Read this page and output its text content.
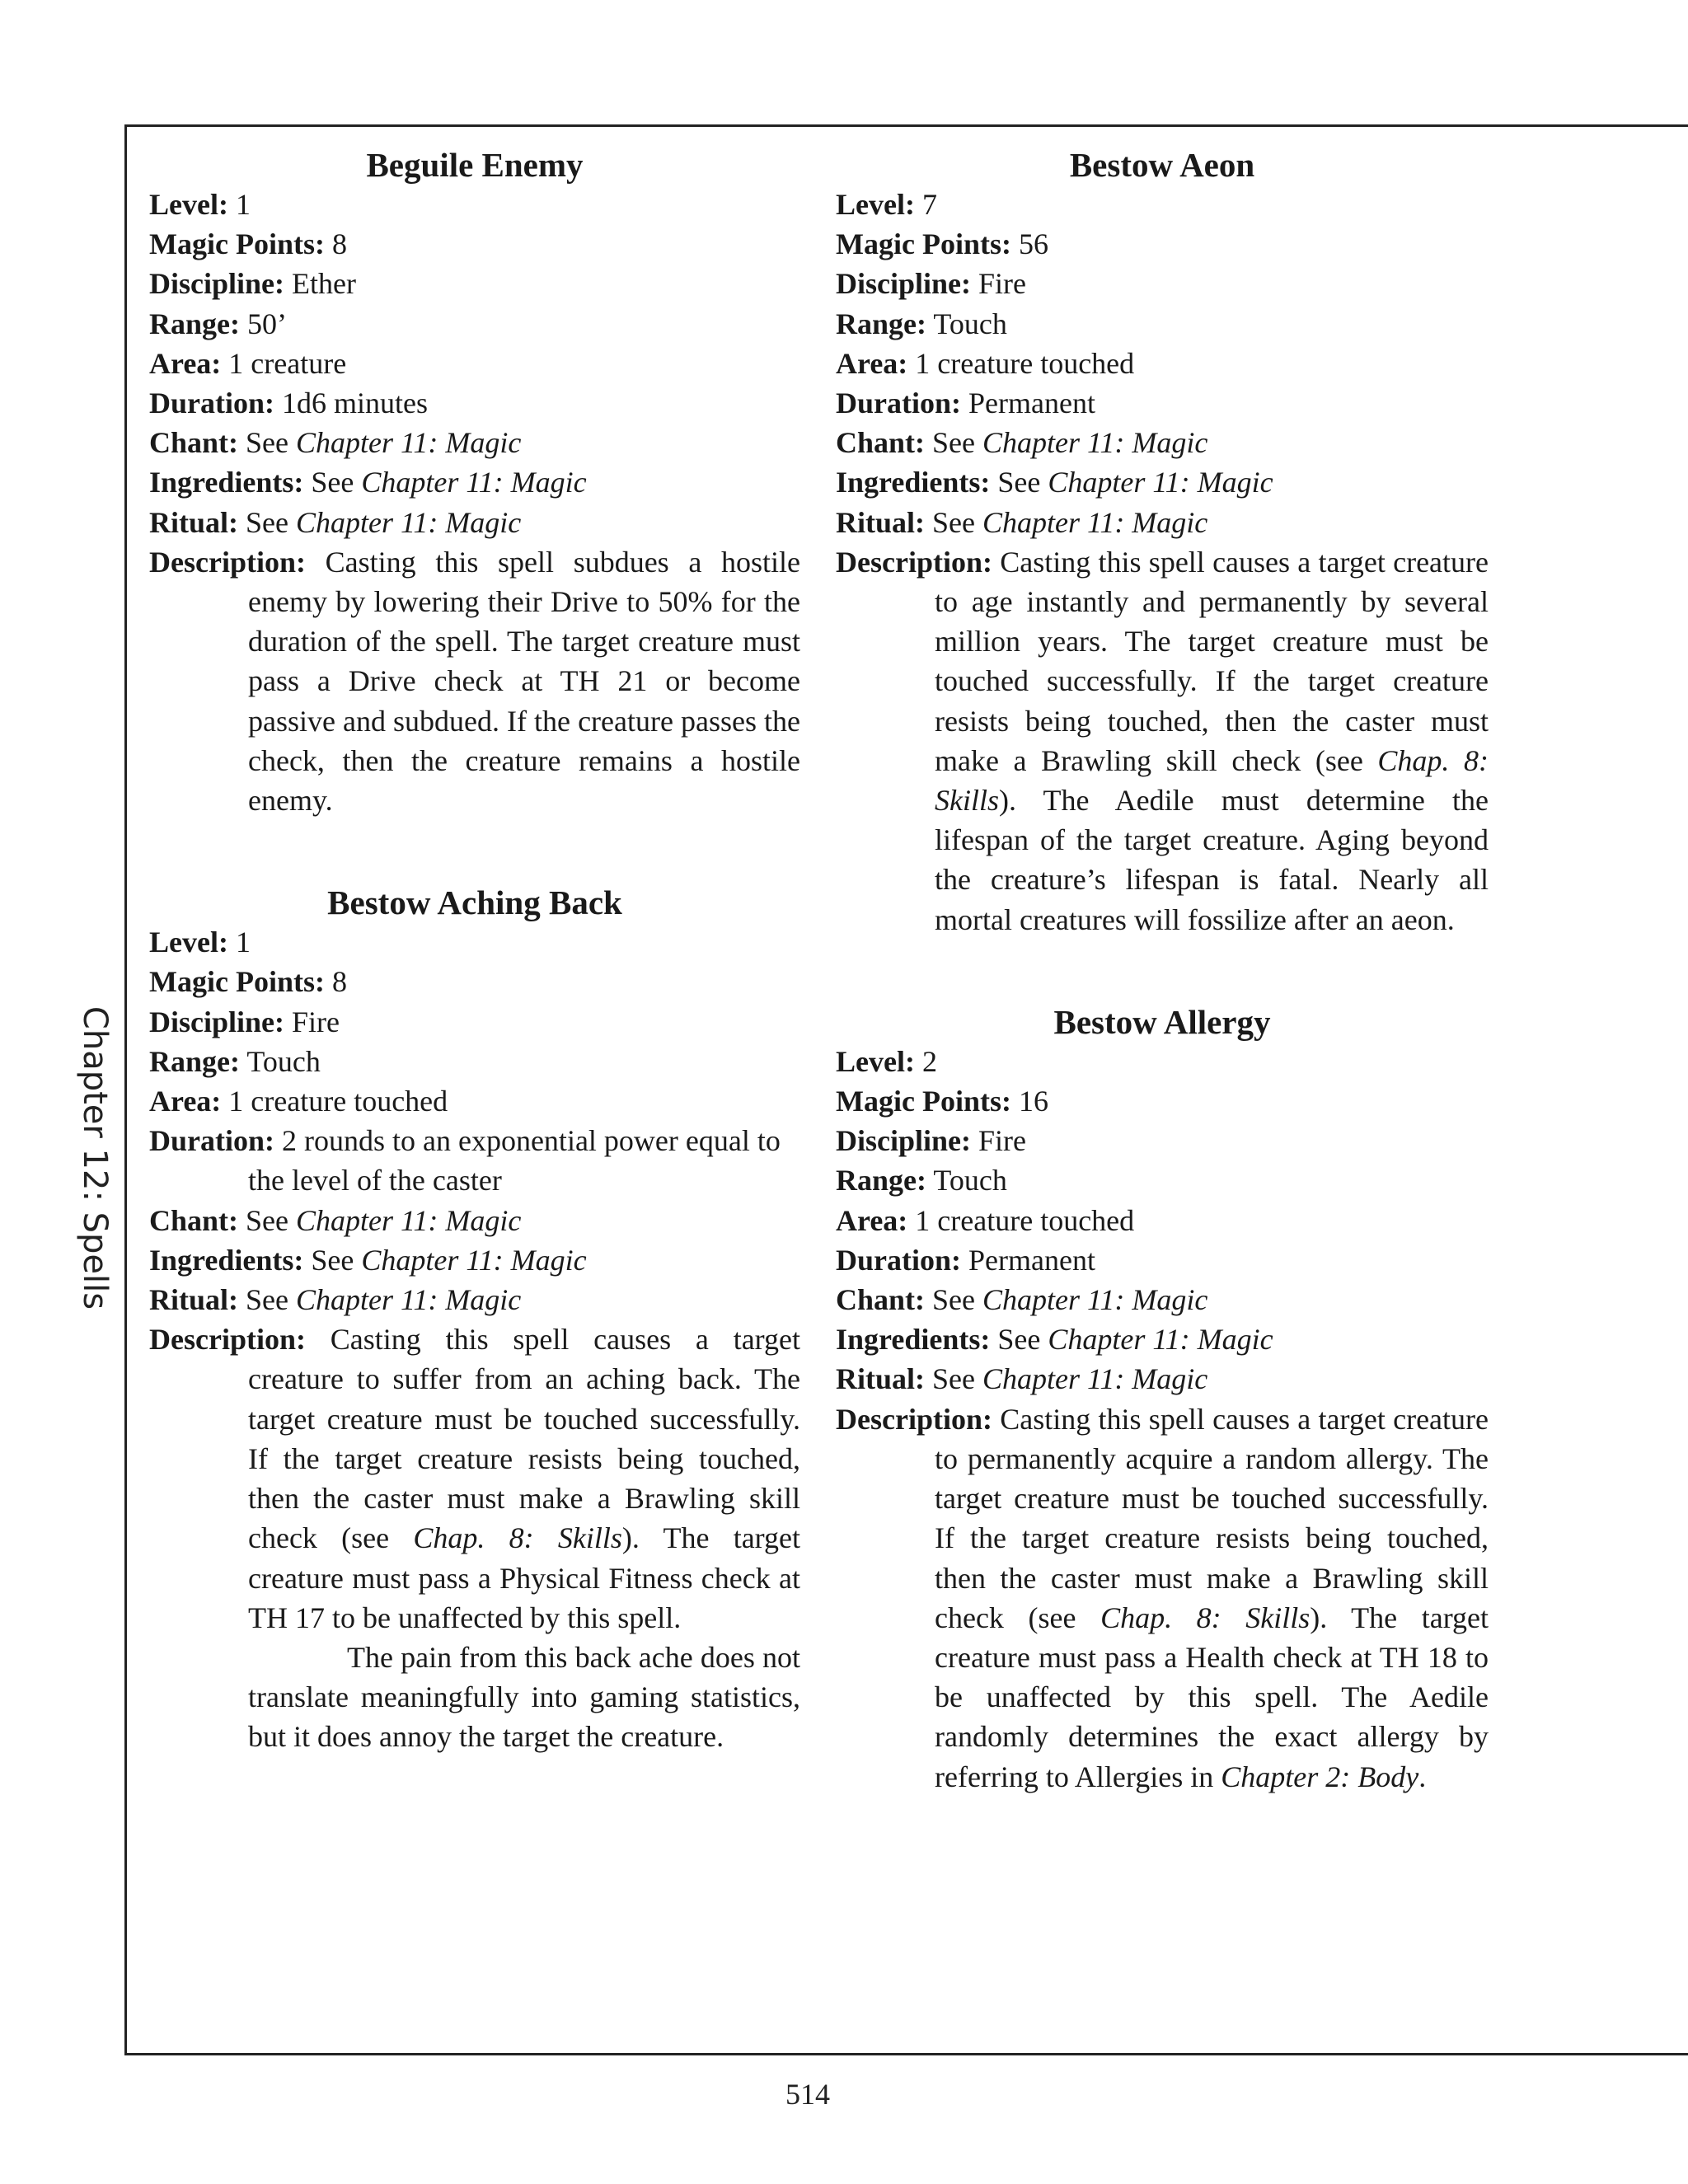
Chapter 12: Spells
Beguile Enemy

Level: 1

Magic Points: 8

Discipline: Ether

Range: 50’

Area: 1 creature

Duration: 1d6 minutes

Chant: See Chapter 11: Magic

Ingredients: See Chapter 11: Magic

Ritual: See Chapter 11: Magic

Description: Casting this spell subdues a hostile enemy by lowering their Drive to 50% for the duration of the spell. The target creature must pass a Drive check at TH 21 or become passive and subdued. If the creature passes the check, then the creature remains a hostile enemy.

Bestow Aching Back

Level: 1

Magic Points: 8

Discipline: Fire

Range: Touch

Area: 1 creature touched

Duration: 2 rounds to an exponential power equal to the level of the caster

Chant: See Chapter 11: Magic

Ingredients: See Chapter 11: Magic

Ritual: See Chapter 11: Magic

Description: Casting this spell causes a target creature to suffer from an aching back. The target creature must be touched successfully. If the target creature resists being touched, then the caster must make a Brawling skill check (see Chap. 8: Skills). The target creature must pass a Physical Fitness check at TH 17 to be unaffected by this spell.

The pain from this back ache does not translate meaningfully into gaming statistics, but it does annoy the target the creature.

Bestow Aeon

Level: 7

Magic Points: 56

Discipline: Fire

Range: Touch

Area: 1 creature touched

Duration: Permanent

Chant: See Chapter 11: Magic

Ingredients: See Chapter 11: Magic

Ritual: See Chapter 11: Magic

Description: Casting this spell causes a target creature to age instantly and permanently by several million years. The target creature must be touched successfully. If the target creature resists being touched, then the caster must make a Brawling skill check (see Chap. 8: Skills). The Aedile must determine the lifespan of the target creature. Aging beyond the creature’s lifespan is fatal. Nearly all mortal creatures will fossilize after an aeon.

Bestow Allergy

Level: 2

Magic Points: 16

Discipline: Fire

Range: Touch

Area: 1 creature touched

Duration: Permanent

Chant: See Chapter 11: Magic

Ingredients: See Chapter 11: Magic

Ritual: See Chapter 11: Magic

Description: Casting this spell causes a target creature to permanently acquire a random allergy. The target creature must be touched successfully. If the target creature resists being touched, then the caster must make a Brawling skill check (see Chap. 8: Skills). The target creature must pass a Health check at TH 18 to be unaffected by this spell. The Aedile randomly determines the exact allergy by referring to Allergies in Chapter 2: Body.

514
